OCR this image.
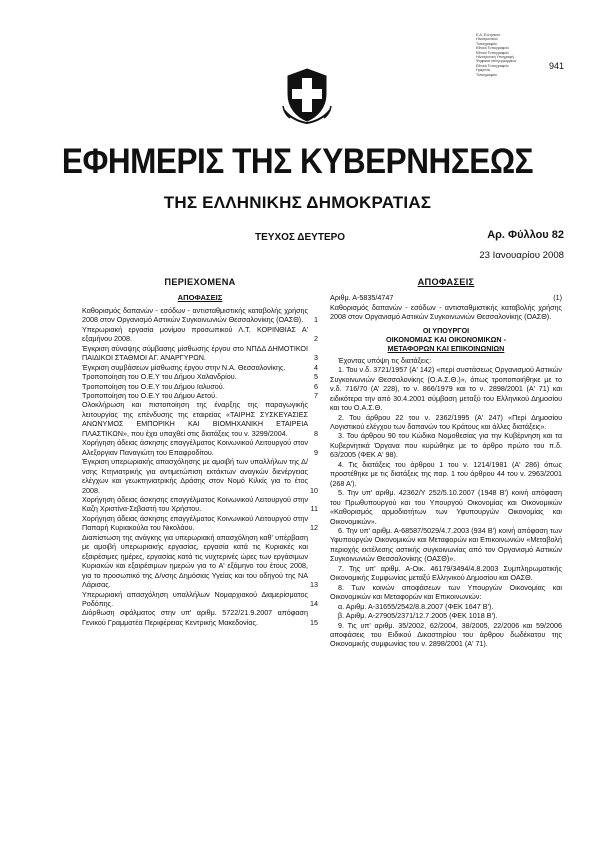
Ε.Δ. Ελληνικού
Ηλεκτρονικού
Τυπογραφείο
Εθνικό Τυπογραφείο
Εθνικό Τυπογραφείο
Ηλεκτρονική Υπογραφή
Ψηφιακά υπογεγραμμένο
Εθνικό Τυπογραφείο
Ημερ/νία
Τυπογραφείο
941
ΕΦΗΜΕΡΙΣ ΤΗΣ ΚΥΒΕΡΝΗΣΕΩΣ
ΤΗΣ ΕΛΛΗΝΙΚΗΣ ΔΗΜΟΚΡΑΤΙΑΣ
ΤΕΥΧΟΣ ΔΕΥΤΕΡΟ	Αρ. Φύλλου 82
23 Ιανουαρίου 2008
ΠΕΡΙΕΧΟΜΕΝΑ
ΑΠΟΦΑΣΕΙΣ
Καθορισμός δαπανών - εσόδων - αντισταθμιστικής καταβολής χρήσης 2008 στον Οργανισμό Αστικών Συγκοινωνιών Θεσσαλονίκης (ΟΑΣΘ).	1
Υπερωριακή εργασία μονίμου προσωπικού Λ.Τ. ΚΟΡΙΝΘΙΑΣ Α' εξαμήνου 2008.	2
Έγκριση σύναψης σύμβασης μίσθωσης έργου στο ΝΠΔΔ ΔΗΜΟΤΙΚΟΙ ΠΑΙΔΙΚΟΙ ΣΤΑΘΜΟΙ ΑΓ. ΑΝΑΡΓΥΡΩΝ.	3
Έγκριση συμβάσεων μίσθωσης έργου στην Ν.Α. Θεσσαλονίκης.	4
Τροποποίηση του Ο.Ε.Υ του Δήμου Χαλανδρίου.	5
Τροποποίηση του Ο.Ε.Υ του Δήμου Ιαλυσού.	6
Τροποποίηση του Ο.Ε.Υ του Δήμου Αετού.	7
Ολοκλήρωση και πιστοποίηση της έναρξης της παραγωγικής λειτουργίας της επένδυσης της εταιρείας «ΤΑΙΡΗΣ ΣΥΣΚΕΥΑΣΙΕΣ ΑΝΩΝΥΜΟΣ ΕΜΠΟΡΙΚΗ ΚΑΙ ΒΙΟΜΗΧΑΝΙΚΗ ΕΤΑΙΡΕΙΑ ΠΛΑΣΤΙΚΩΝ», που έχει υπαχθεί στις διατάξεις του ν. 3299/2004.	8
Χορήγηση άδειας άσκησης επαγγέλματος Κοινωνικού Λειτουργού στον Αλεξοργιαν Παναγιώτη του Επαφροδίτου.	9
Έγκριση υπερωριακής απασχόλησης με αμοιβή των υπαλλήλων της Δ/νσης Κτηνιατρικής για αντιμετώπιση εκτάκτων αναγκών διενέργειας ελέγχων και γεωκτηνιατρικής Δράσης στον Νομό Κιλκίς για το έτος 2008.	10
Χορήγηση άδειας άσκησης επαγγέλματος Κοινωνικού Λειτουργού στην Καζη Χριστίνα-Σεβαστή του Χρήστου.	11
Χορήγηση άδειας άσκησης επαγγέλματος Κοινωνικού Λειτουργού στην Παπαρή Κυριακούλα του Νικολάου.	12
Διαπίστωση της ανάγκης για υπερωριακή απασχόληση καθ' υπέρβαση με αμοιβή υπερωριακής εργασίας, εργασία κατά τις Κυριακές και εξαιρέσιμες ημέρες, εργασίας κατά τις νυχτερινές ώρες των εργάσιμων Κυριακών και εξαιρέσιμων ημερών για το Α' εξάμηνο του έτους 2008, για το προσωπικό της Δ/νσης Δημόσιας Υγείας και του οδηγού της ΝΑ Λάρισας.	13
Υπερωριακή απασχόληση υπαλλήλων Νομαρχιακού Διαμερίσματος Ροδόπης.	14
Διόρθωση σφάλματος στην υπ' αριθμ. 5722/21.9.2007 απόφαση Γενικού Γραμματέα Περιφέρειας Κεντρικής Μακεδονίας.	15
ΑΠΟΦΑΣΕΙΣ
Αριθμ. Α-5835/4747	(1)
Καθορισμός δαπανών - εσόδων - αντισταθμιστικής καταβολής χρήσης 2008 στον Οργανισμό Αστικών Συγκοινωνιών Θεσσαλονίκης (ΟΑΣΘ).
ΟΙ ΥΠΟΥΡΓΟΙ
ΟΙΚΟΝΟΜΙΑΣ ΚΑΙ ΟΙΚΟΝΟΜΙΚΩΝ -
ΜΕΤΑΦΟΡΩΝ ΚΑΙ ΕΠΙΚΟΙΝΩΝΙΩΝ
Έχοντας υπόψη τις διατάξεις:
1. Του ν.δ. 3721/1957 (Α' 142) «περί συστάσεως Οργανισμού Αστικών Συγκοινωνιών Θεσσαλονίκης (Ο.Α.Σ.Θ.)», όπως τροποποιήθηκε με το ν.δ. 716/70 (Α' 228), το ν. 866/1979 και το ν. 2898/2001 (Α' 71) και ειδικότερα την από 30.4.2001 σύμβαση μεταξύ του Ελληνικού Δημοσίου και του Ο.Α.Σ.Θ.
2. Του άρθρου 22 του ν. 2362/1995 (Α' 247) «Περί Δημοσίου Λογιστικού ελέγχου των δαπανών του Κράτους και άλλες διατάξεις».
3. Του άρθρου 90 του Κώδικα Νομοθεσίας για την Κυβέρνηση και τα Κυβερνητικά Όργανα που κυρώθηκε με το άρθρο πρώτο του π.δ. 63/2005 (ΦΕΚ Α' 98).
4. Τις διατάξεις του άρθρου 1 του ν. 1214/1981 (Α' 286) όπως προστέθηκε με τις διατάξεις της παρ. 1 του άρθρου 44 του ν. 2963/2001 (268 Α').
5. Την υπ' αριθμ. 42362/Υ 252/5.10.2007 (1948 Β') κοινή απόφαση του Πρωθυπουργού και του Υπουργού Οικονομίας και Οικονομικών «Καθορισμός αρμοδιοτήτων των Υφυπουργών Οικονομίας και Οικονομικών».
6. Την υπ' αριθμ. Α-68587/5029/4.7.2003 (934 Β') κοινή απόφαση των Υφυπουργών Οικονομικών και Μεταφορών και Επικοινωνιών «Μεταβολή περιοχής εκτέλεσης αστικής συγκοινωνίας από τον Οργανισμό Αστικών Συγκοινωνιών Θεσσαλονίκης (ΟΑΣΘ)».
7. Της υπ' αριθμ. Α-Οικ. 46179/3494/4.8.2003 Συμπληρωματικής Οικονομικής Συμφωνίας μεταξύ Ελληνικού Δημοσίου και ΟΑΣΘ.
8. Των κοινών αποφάσεων των Υπουργών Οικονομίας και Οικονομικών και Μεταφορών και Επικοινωνιών:
α. Αριθμ. Α-31655/2542/8.8.2007 (ΦΕΚ 1647 Β').
β. Αριθμ. Α-27905/2371/12.7.2005 (ΦΕΚ 1018 Β').
9. Τις υπ' αριθμ. 35/2002, 62/2004, 38/2005, 22/2006 και 59/2006 αποφάσεις του Ειδικού Δικαστηρίου του άρθρου δωδέκατου της Οικονομικής συμφωνίας του ν. 2898/2001 (Α' 71).
